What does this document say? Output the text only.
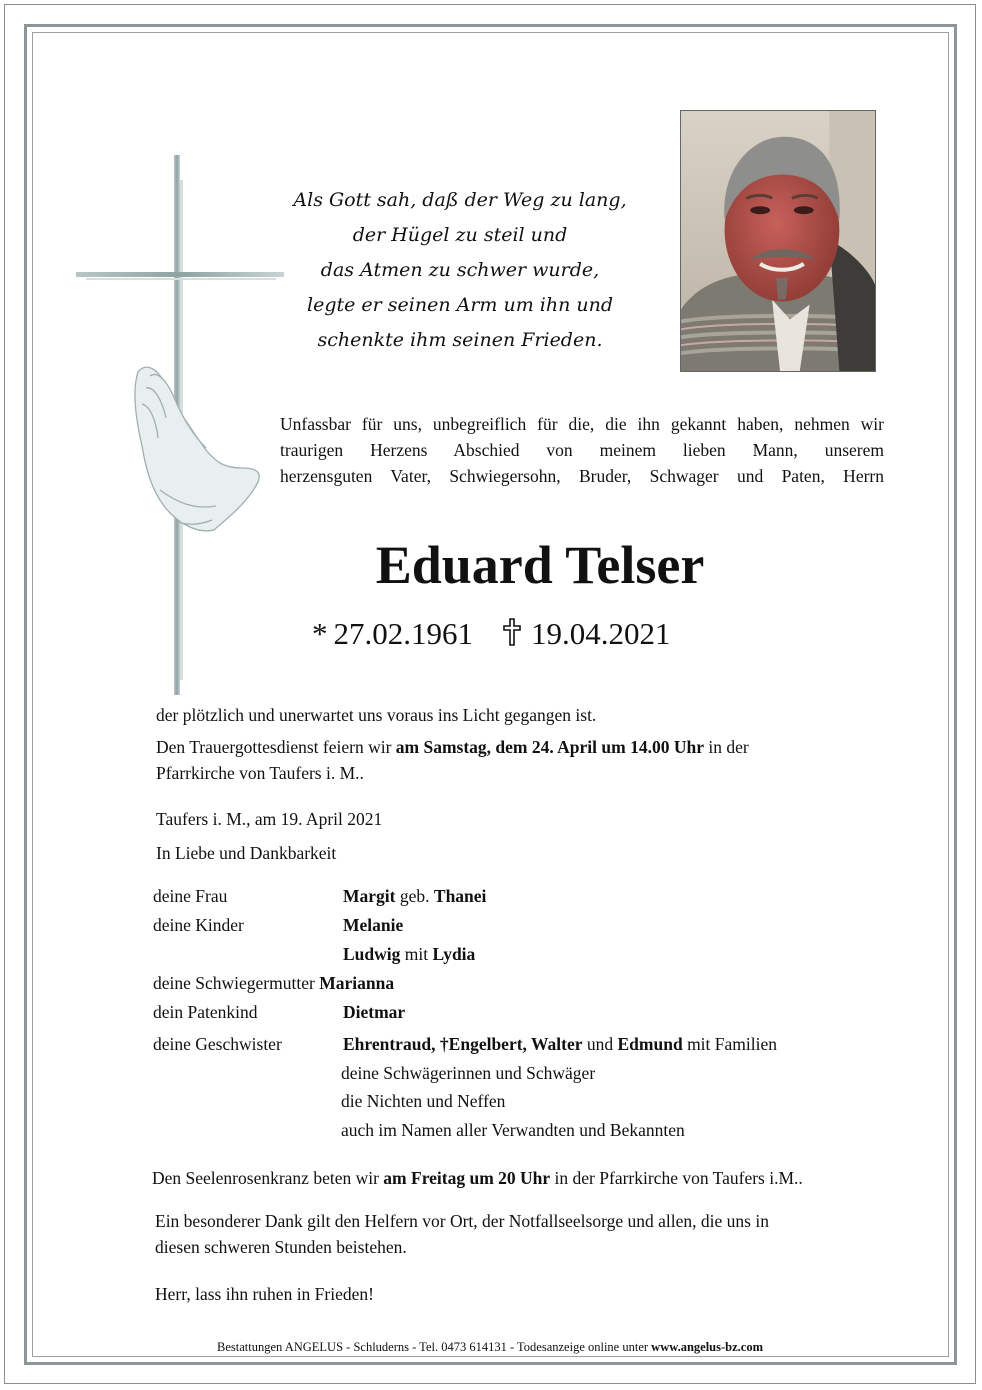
Als Gott sah, daß der Weg zu lang,
der Hügel zu steil und
das Atmen zu schwer wurde,
legte er seinen Arm um ihn und
schenkte ihm seinen Frieden.
Unfassbar für uns, unbegreiflich für die, die ihn gekannt haben, nehmen wir
traurigen Herzens Abschied von meinem lieben Mann, unserem
herzensguten Vater, Schwiegersohn, Bruder, Schwager und Paten, Herrn
Eduard Telser
* 27.02.1961 19.04.2021
der plötzlich und unerwartet uns voraus ins Licht gegangen ist.
Den Trauergottesdienst feiern wir am Samstag, dem 24. April um 14.00 Uhr in der
Pfarrkirche von Taufers i. M..
Taufers i. M., am 19. April 2021
In Liebe und Dankbarkeit
deine Frau	Margit geb. Thanei
deine Kinder	Melanie
Ludwig mit Lydia
deine Schwiegermutter Marianna
dein Patenkind	Dietmar
deine Geschwister	Ehrentraud, †Engelbert, Walter und Edmund mit Familien
deine Schwägerinnen und Schwäger
die Nichten und Neffen
auch im Namen aller Verwandten und Bekannten
Den Seelenrosenkranz beten wir am Freitag um 20 Uhr in der Pfarrkirche von Taufers i.M..
Ein besonderer Dank gilt den Helfern vor Ort, der Notfallseelsorge und allen, die uns in
diesen schweren Stunden beistehen.
Herr, lass ihn ruhen in Frieden!
Bestattungen ANGELUS - Schluderns - Tel. 0473 614131 - Todesanzeige online unter www.angelus-bz.com
